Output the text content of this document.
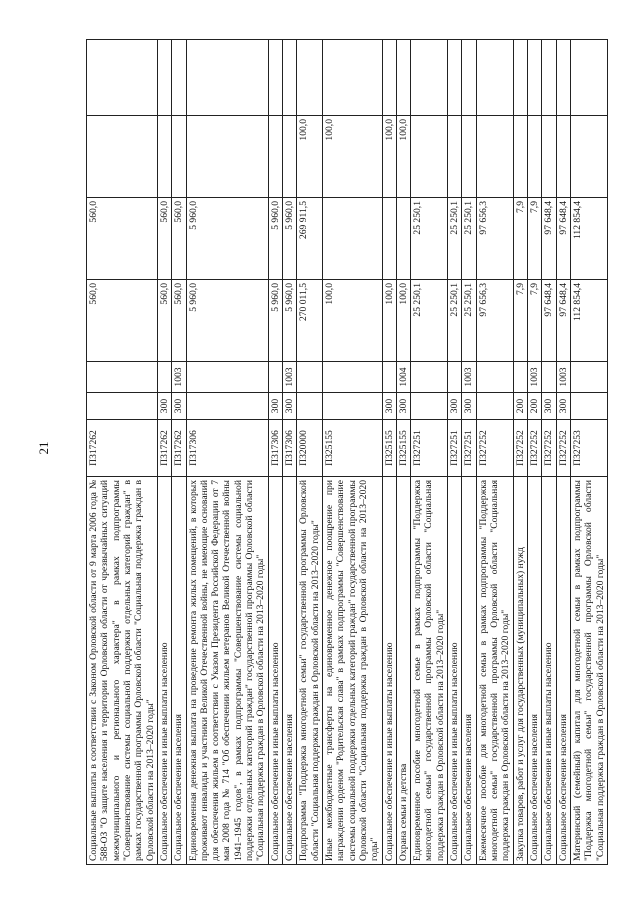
21
Социальные выплаты в соответствии с Законом Орловской области от 9 марта 2006 года № 588-ОЗ "О защите населения и территории Орловской области от чрезвычайных ситуаций межмуниципального и регионального характера" в рамках подпрограммы "Совершенствование системы социальной поддержки отдельных категорий граждан" в рамках государственной программы Орловской области "Социальная поддержка граждан в Орловской области на 2013–2020 годы"	П317262			560,0	560,0		
Социальное обеспечение и иные выплаты населению	П317262	300		560,0	560,0		
Социальное обеспечение населения	П317262	300	1003	560,0	560,0		
Единовременная денежная выплата на проведение ремонта жилых помещений, в которых проживают инвалиды и участники Великой Отечественной войны, не имеющие оснований для обеспечения жильем в соответствии с Указом Президента Российской Федерации от 7 мая 2008 года № 714 "Об обеспечении жильем ветеранов Великой Отечественной войны 1941–1945 годов", в рамках подпрограммы "Совершенствование системы социальной поддержки отдельных категорий граждан" государственной программы Орловской области "Социальная поддержка граждан в Орловской области на 2013–2020 годы"	П317306			5 960,0	5 960,0		
Социальное обеспечение и иные выплаты населению	П317306	300		5 960,0	5 960,0		
Социальное обеспечение населения	П317306	300	1003	5 960,0	5 960,0		
Подпрограмма "Поддержка многодетной семьи" государственной программы Орловской области "Социальная поддержка граждан в Орловской области на 2013–2020 годы"	П320000			270 011,5	269 911,5	100,0	
Иные межбюджетные трансферты на единовременное денежное поощрение при награждении орденом "Родительская слава" в рамках подпрограммы "Совершенствование системы социальной поддержки отдельных категорий граждан" государственной программы Орловской области "Социальная поддержка граждан в Орловской области на 2013–2020 годы"	П325155			100,0		100,0	
Социальное обеспечение и иные выплаты населению	П325155	300		100,0		100,0	
Охрана семьи и детства	П325155	300	1004	100,0		100,0	
Единовременное пособие многодетной семье в рамках подпрограммы "Поддержка многодетной семьи" государственной программы Орловской области "Социальная поддержка граждан в Орловской области на 2013–2020 годы"	П327251			25 250,1	25 250,1		
Социальное обеспечение и иные выплаты населению	П327251	300		25 250,1	25 250,1		
Социальное обеспечение населения	П327251	300	1003	25 250,1	25 250,1		
Ежемесячное пособие для многодетной семьи в рамках подпрограммы "Поддержка многодетной семьи" государственной программы Орловской области "Социальная поддержка граждан в Орловской области на 2013–2020 годы"	П327252			97 656,3	97 656,3		
Закупка товаров, работ и услуг для государственных (муниципальных) нужд	П327252	200		7,9	7,9		
Социальное обеспечение населения	П327252	200	1003	7,9	7,9		
Социальное обеспечение и иные выплаты населению	П327252	300		97 648,4	97 648,4		
Социальное обеспечение населения	П327252	300	1003	97 648,4	97 648,4		
Материнский (семейный) капитал для многодетной семьи в рамках подпрограммы "Поддержка многодетной семьи" государственной программы Орловской области "Социальная поддержка граждан в Орловской области на 2013–2020 годы"	П327253			112 854,4	112 854,4		
